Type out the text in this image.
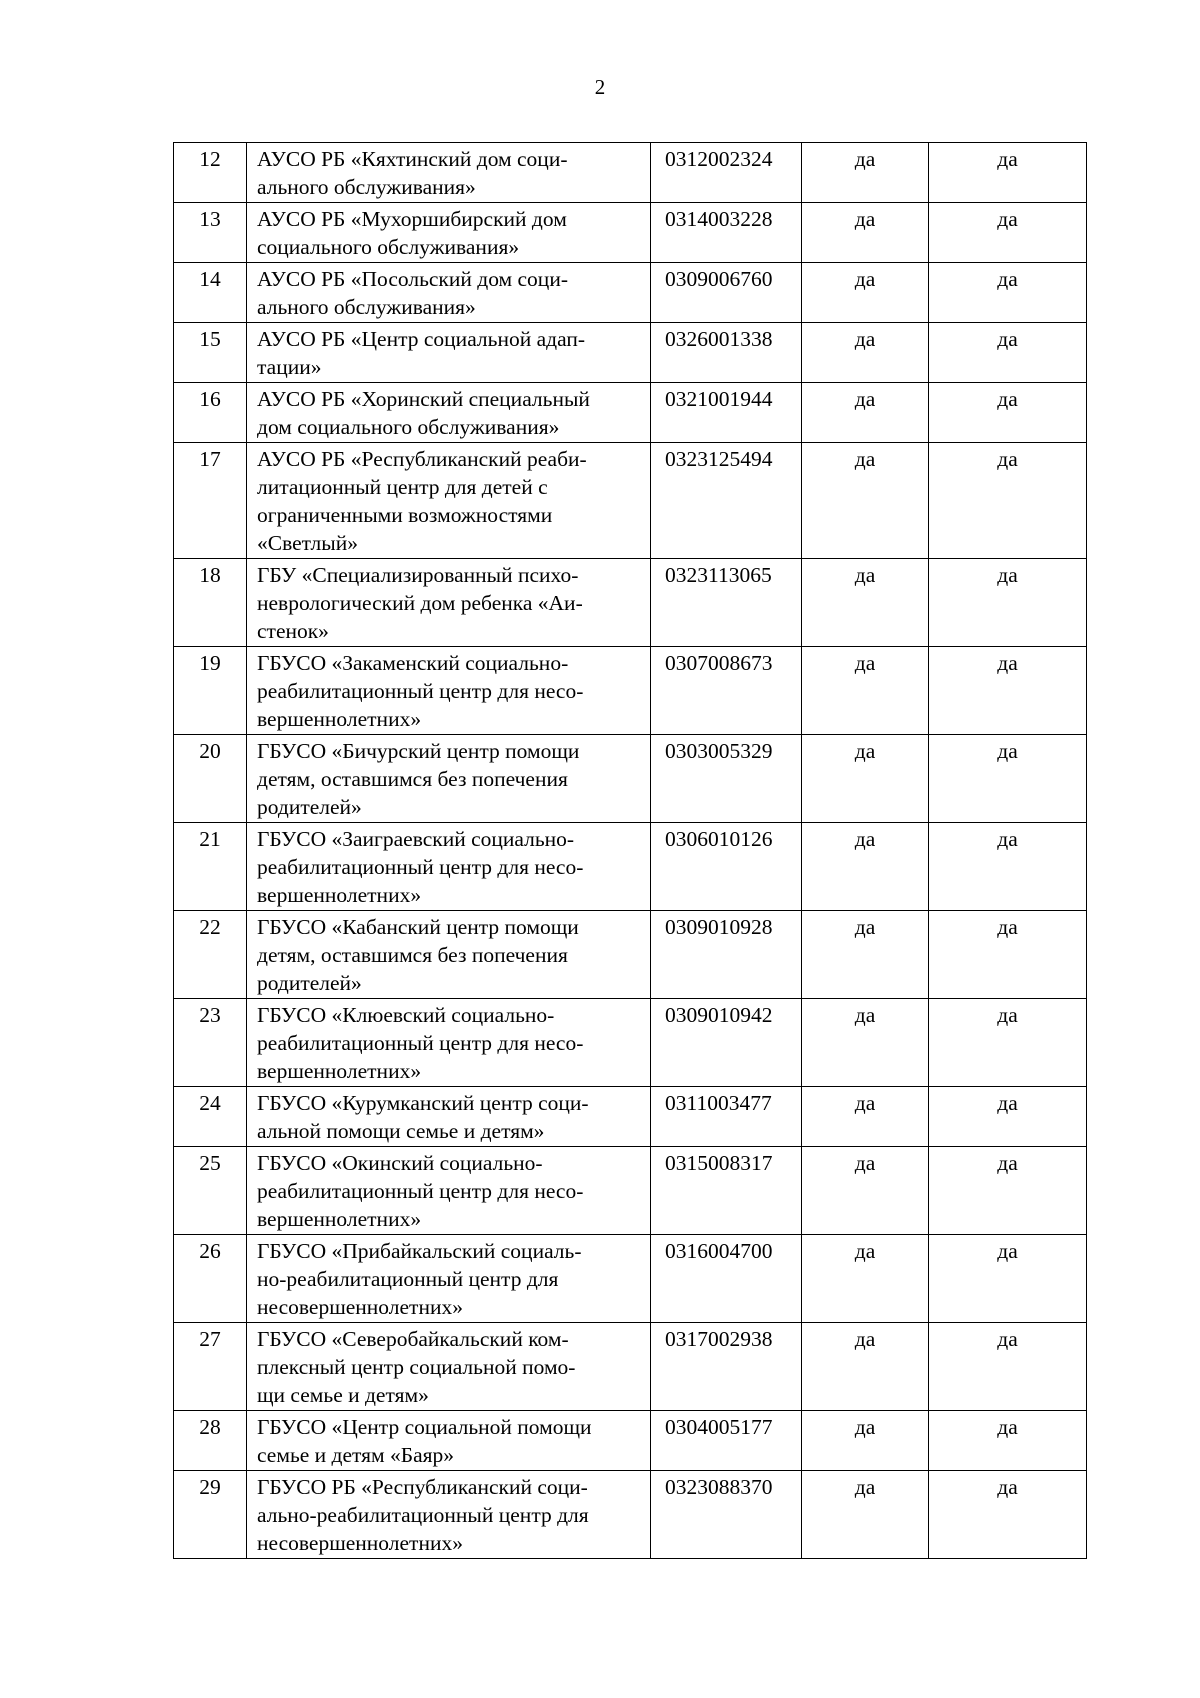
2
12	АУСО РБ «Кяхтинский дом соци-
ального обслуживания»	0312002324	да	да
13	АУСО РБ «Мухоршибирский дом
социального обслуживания»	0314003228	да	да
14	АУСО РБ «Посольский дом соци-
ального обслуживания»	0309006760	да	да
15	АУСО РБ «Центр социальной адап-
тации»	0326001338	да	да
16	АУСО РБ «Хоринский специальный
дом социального обслуживания»	0321001944	да	да
17	АУСО РБ «Республиканский реаби-
литационный центр для детей с
ограниченными возможностями
«Светлый»	0323125494	да	да
18	ГБУ «Специализированный психо-
неврологический дом ребенка «Аи-
стенок»	0323113065	да	да
19	ГБУСО «Закаменский социально-
реабилитационный центр для несо-
вершеннолетних»	0307008673	да	да
20	ГБУСО «Бичурский центр помощи
детям, оставшимся без попечения
родителей»	0303005329	да	да
21	ГБУСО «Заиграевский социально-
реабилитационный центр для несо-
вершеннолетних»	0306010126	да	да
22	ГБУСО «Кабанский центр помощи
детям, оставшимся без попечения
родителей»	0309010928	да	да
23	ГБУСО «Клюевский социально-
реабилитационный центр для несо-
вершеннолетних»	0309010942	да	да
24	ГБУСО «Курумканский центр соци-
альной помощи семье и детям»	0311003477	да	да
25	ГБУСО «Окинский социально-
реабилитационный центр для несо-
вершеннолетних»	0315008317	да	да
26	ГБУСО «Прибайкальский социаль-
но-реабилитационный центр для
несовершеннолетних»	0316004700	да	да
27	ГБУСО «Северобайкальский ком-
плексный центр социальной помо-
щи семье и детям»	0317002938	да	да
28	ГБУСО «Центр социальной помощи
семье и детям «Баяр»	0304005177	да	да
29	ГБУСО РБ «Республиканский соци-
ально-реабилитационный центр для
несовершеннолетних»	0323088370	да	да
